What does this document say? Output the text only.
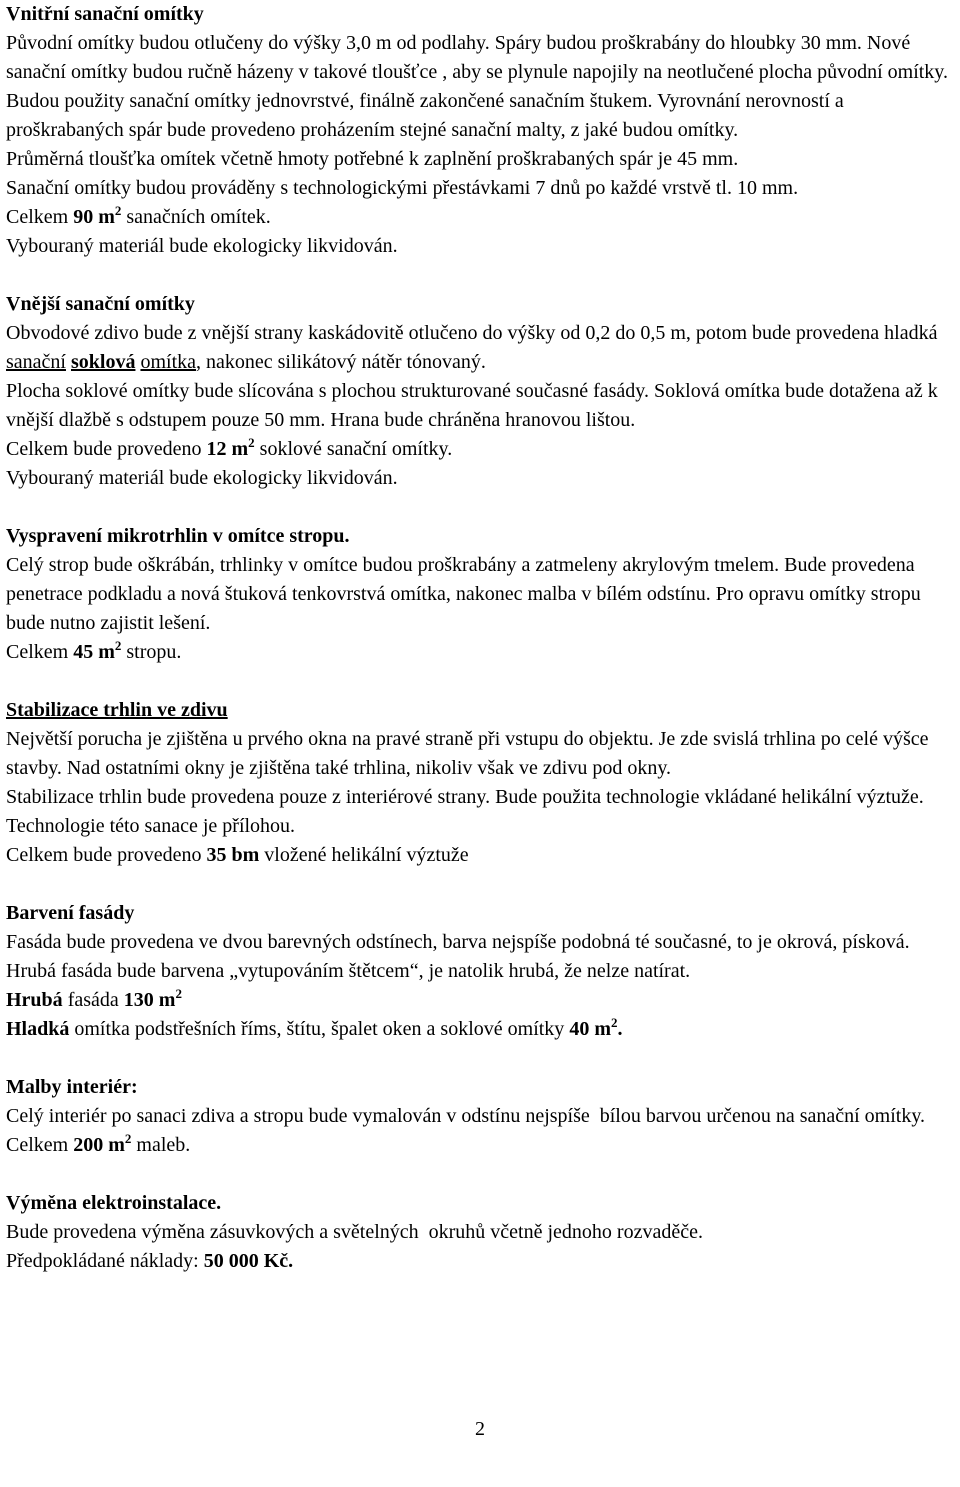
Vnitřní sanační omítky
Původní omítky budou otlučeny do výšky 3,0 m od podlahy. Spáry budou proškrabány do hloubky 30 mm. Nové sanační omítky budou ručně házeny v takové tloušťce , aby se plynule napojily na neotlučené plocha původní omítky. Budou použity sanační omítky jednovrstvé, finálně zakončené sanačním štukem. Vyrovnání nerovností a proškrabaných spár bude provedeno proházením stejné sanační malty, z jaké budou omítky.
Průměrná tloušťka omítek včetně hmoty potřebné k zaplnění proškrabaných spár je 45 mm.
Sanační omítky budou prováděny s technologickými přestávkami 7 dnů po každé vrstvě tl. 10 mm.
Celkem 90 $m^2$ sanačních omítek.
Vybouraný materiál bude ekologicky likvidován.
Vnější sanační omítky
Obvodové zdivo bude z vnější strany kaskádovitě otlučeno do výšky od 0,2 do 0,5 m, potom bude provedena hladká sanační soklová omítka, nakonec silikátový nátěr tónovaný.
Plocha soklové omítky bude slícována s plochou strukturované současné fasády. Soklová omítka bude dotažena až k vnější dlažbě s odstupem pouze 50 mm. Hrana bude chráněna hranovou lištou.
Celkem bude provedeno 12 $m^2$ soklové sanační omítky.
Vybouraný materiál bude ekologicky likvidován.
Vyspravení mikrotrhlin v omítce stropu.
Celý strop bude oškrábán, trhlinky v omítce budou proškrabány a zatmeleny akrylovým tmelem. Bude provedena penetrace podkladu a nová štuková tenkovrstvá omítka, nakonec malba v bílém odstínu. Pro opravu omítky stropu bude nutno zajistit lešení.
Celkem 45 $m^2$ stropu.
Stabilizace trhlin ve zdivu
Největší porucha je zjištěna u prvého okna na pravé straně při vstupu do objektu. Je zde svislá trhlina po celé výšce stavby. Nad ostatními okny je zjištěna také trhlina, nikoliv však ve zdivu pod okny.
Stabilizace trhlin bude provedena pouze z interiérové strany. Bude použita technologie vkládané helikální výztuže. Technologie této sanace je přílohou.
Celkem bude provedeno 35 bm vložené helikální výztuže
Barvení fasády
Fasáda bude provedena ve dvou barevných odstínech, barva nejspíše podobná té současné, to je okrová, písková. Hrubá fasáda bude barvena „vytupováním štětcem“, je natolik hrubá, že nelze natírat.
Hrubá fasáda 130 $m^2$
Hladká omítka podstřešních říms, štítu, špalet oken a soklové omítky 40 $m^2$.
Malby interiér:
Celý interiér po sanaci zdiva a stropu bude vymalován v odstínu nejspíše  bílou barvou určenou na sanační omítky. Celkem 200 $m^2$ maleb.
Výměna elektroinstalace.
Bude provedena výměna zásuvkových a světelných  okruhů včetně jednoho rozvaděče.
Předpokládané náklady: 50 000 Kč.
2
